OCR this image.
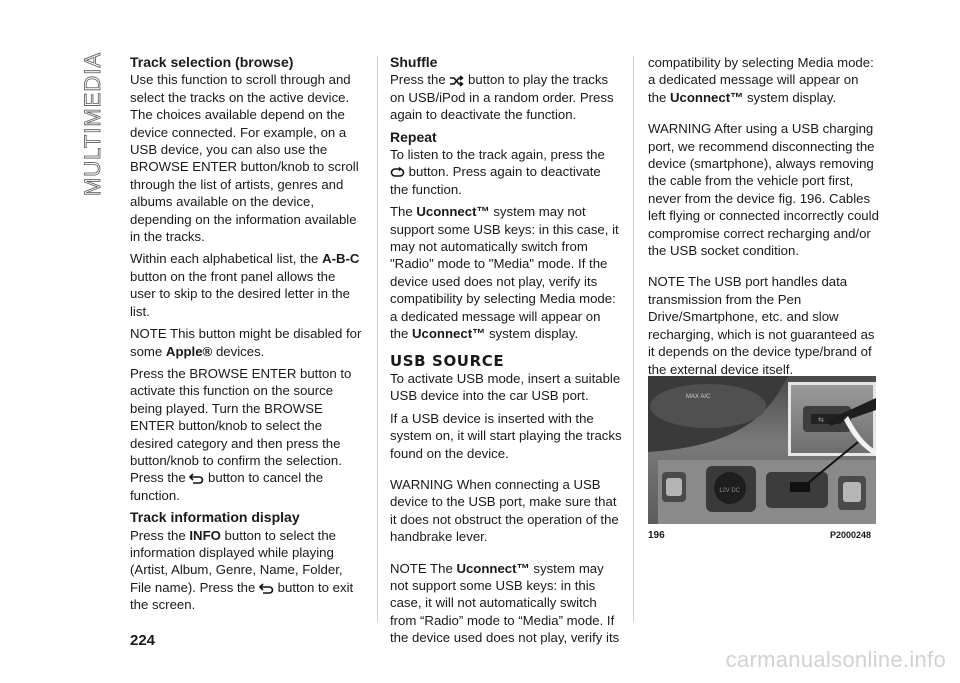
MULTIMEDIA Track selection (browse)

Use this function to scroll through and select the tracks on the active device. The choices available depend on the device connected. For example, on a USB device, you can also use the BROWSE ENTER button/knob to scroll through the list of artists, genres and albums available on the device, depending on the information available in the tracks.

Within each alphabetical list, the A-B-C button on the front panel allows the user to skip to the desired letter in the list.

NOTE This button might be disabled for some Apple® devices.

Press the BROWSE ENTER button to activate this function on the source being played. Turn the BROWSE ENTER button/knob to select the desired category and then press the button/knob to confirm the selection. Press the
button to cancel the function.

Track information display

Press the INFO button to select the information displayed while playing (Artist, Album, Genre, Name, Folder, File name). Press the
button to exit the screen.

Shuffle

Press the
button to play the tracks on USB/iPod in a random order. Press again to deactivate the function.

Repeat

To listen to the track again, press the
button. Press again to deactivate the function.

The Uconnect™ system may not support some USB keys: in this case, it may not automatically switch from "Radio" mode to "Media" mode. If the device used does not play, verify its compatibility by selecting Media mode: a dedicated message will appear on the Uconnect™ system display.

USB SOURCE

To activate USB mode, insert a suitable USB device into the car USB port.

If a USB device is inserted with the system on, it will start playing the tracks found on the device.

WARNING When connecting a USB device to the USB port, make sure that it does not obstruct the operation of the handbrake lever.

NOTE The Uconnect™ system may not support some USB keys: in this case, it will not automatically switch from “Radio” mode to “Media” mode. If the device used does not play, verify its

compatibility by selecting Media mode: a dedicated message will appear on the Uconnect™ system display.

WARNING After using a USB charging port, we recommend disconnecting the device (smartphone), always removing the cable from the vehicle port first, never from the device fig. 196. Cables left flying or connected incorrectly could compromise correct recharging and/or the USB socket condition.

NOTE The USB port handles data transmission from the Pen Drive/Smartphone, etc. and slow recharging, which is not guaranteed as it depends on the device type/brand of the external device itself.

MAX A/C
⇆
12V DC
196	P2000248
224
carmanualsonline.info
